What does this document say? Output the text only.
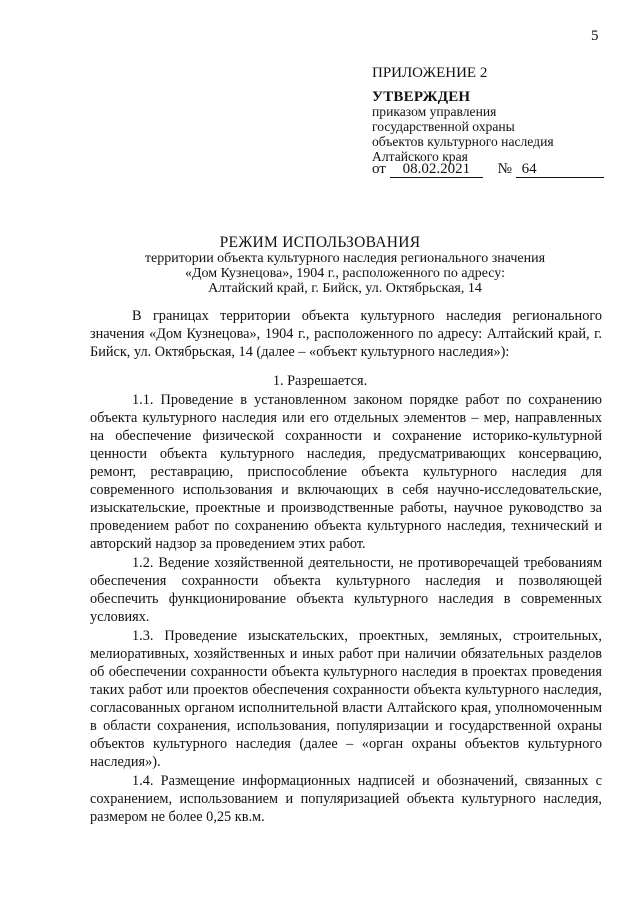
5
ПРИЛОЖЕНИЕ 2
УТВЕРЖДЕН
приказом управления
государственной охраны
объектов культурного наследия
Алтайского края
от 08.02.2021 № 64
РЕЖИМ ИСПОЛЬЗОВАНИЯ
территории объекта культурного наследия регионального значения
«Дом Кузнецова», 1904 г., расположенного по адресу:
Алтайский край, г. Бийск, ул. Октябрьская, 14

В границах территории объекта культурного наследия регионального значения «Дом Кузнецова», 1904 г., расположенного по адресу: Алтайский край, г. Бийск, ул. Октябрьская, 14 (далее – «объект культурного наследия»):

1. Разрешается.

1.1. Проведение в установленном законом порядке работ по сохранению объекта культурного наследия или его отдельных элементов – мер, направленных на обеспечение физической сохранности и сохранение историко-культурной ценности объекта культурного наследия, предусматривающих консервацию, ремонт, реставрацию, приспособление объекта культурного наследия для современного использования и включающих в себя научно-исследовательские, изыскательские, проектные и производственные работы, научное руководство за проведением работ по сохранению объекта культурного наследия, технический и авторский надзор за проведением этих работ.

1.2. Ведение хозяйственной деятельности, не противоречащей требованиям обеспечения сохранности объекта культурного наследия и позволяющей обеспечить функционирование объекта культурного наследия в современных условиях.

1.3. Проведение изыскательских, проектных, земляных, строительных, мелиоративных, хозяйственных и иных работ при наличии обязательных разделов об обеспечении сохранности объекта культурного наследия в проектах проведения таких работ или проектов обеспечения сохранности объекта культурного наследия, согласованных органом исполнительной власти Алтайского края, уполномоченным в области сохранения, использования, популяризации и государственной охраны объектов культурного наследия (далее – «орган охраны объектов культурного наследия»).

1.4. Размещение информационных надписей и обозначений, связанных с сохранением, использованием и популяризацией объекта культурного наследия, размером не более 0,25 кв.м.
